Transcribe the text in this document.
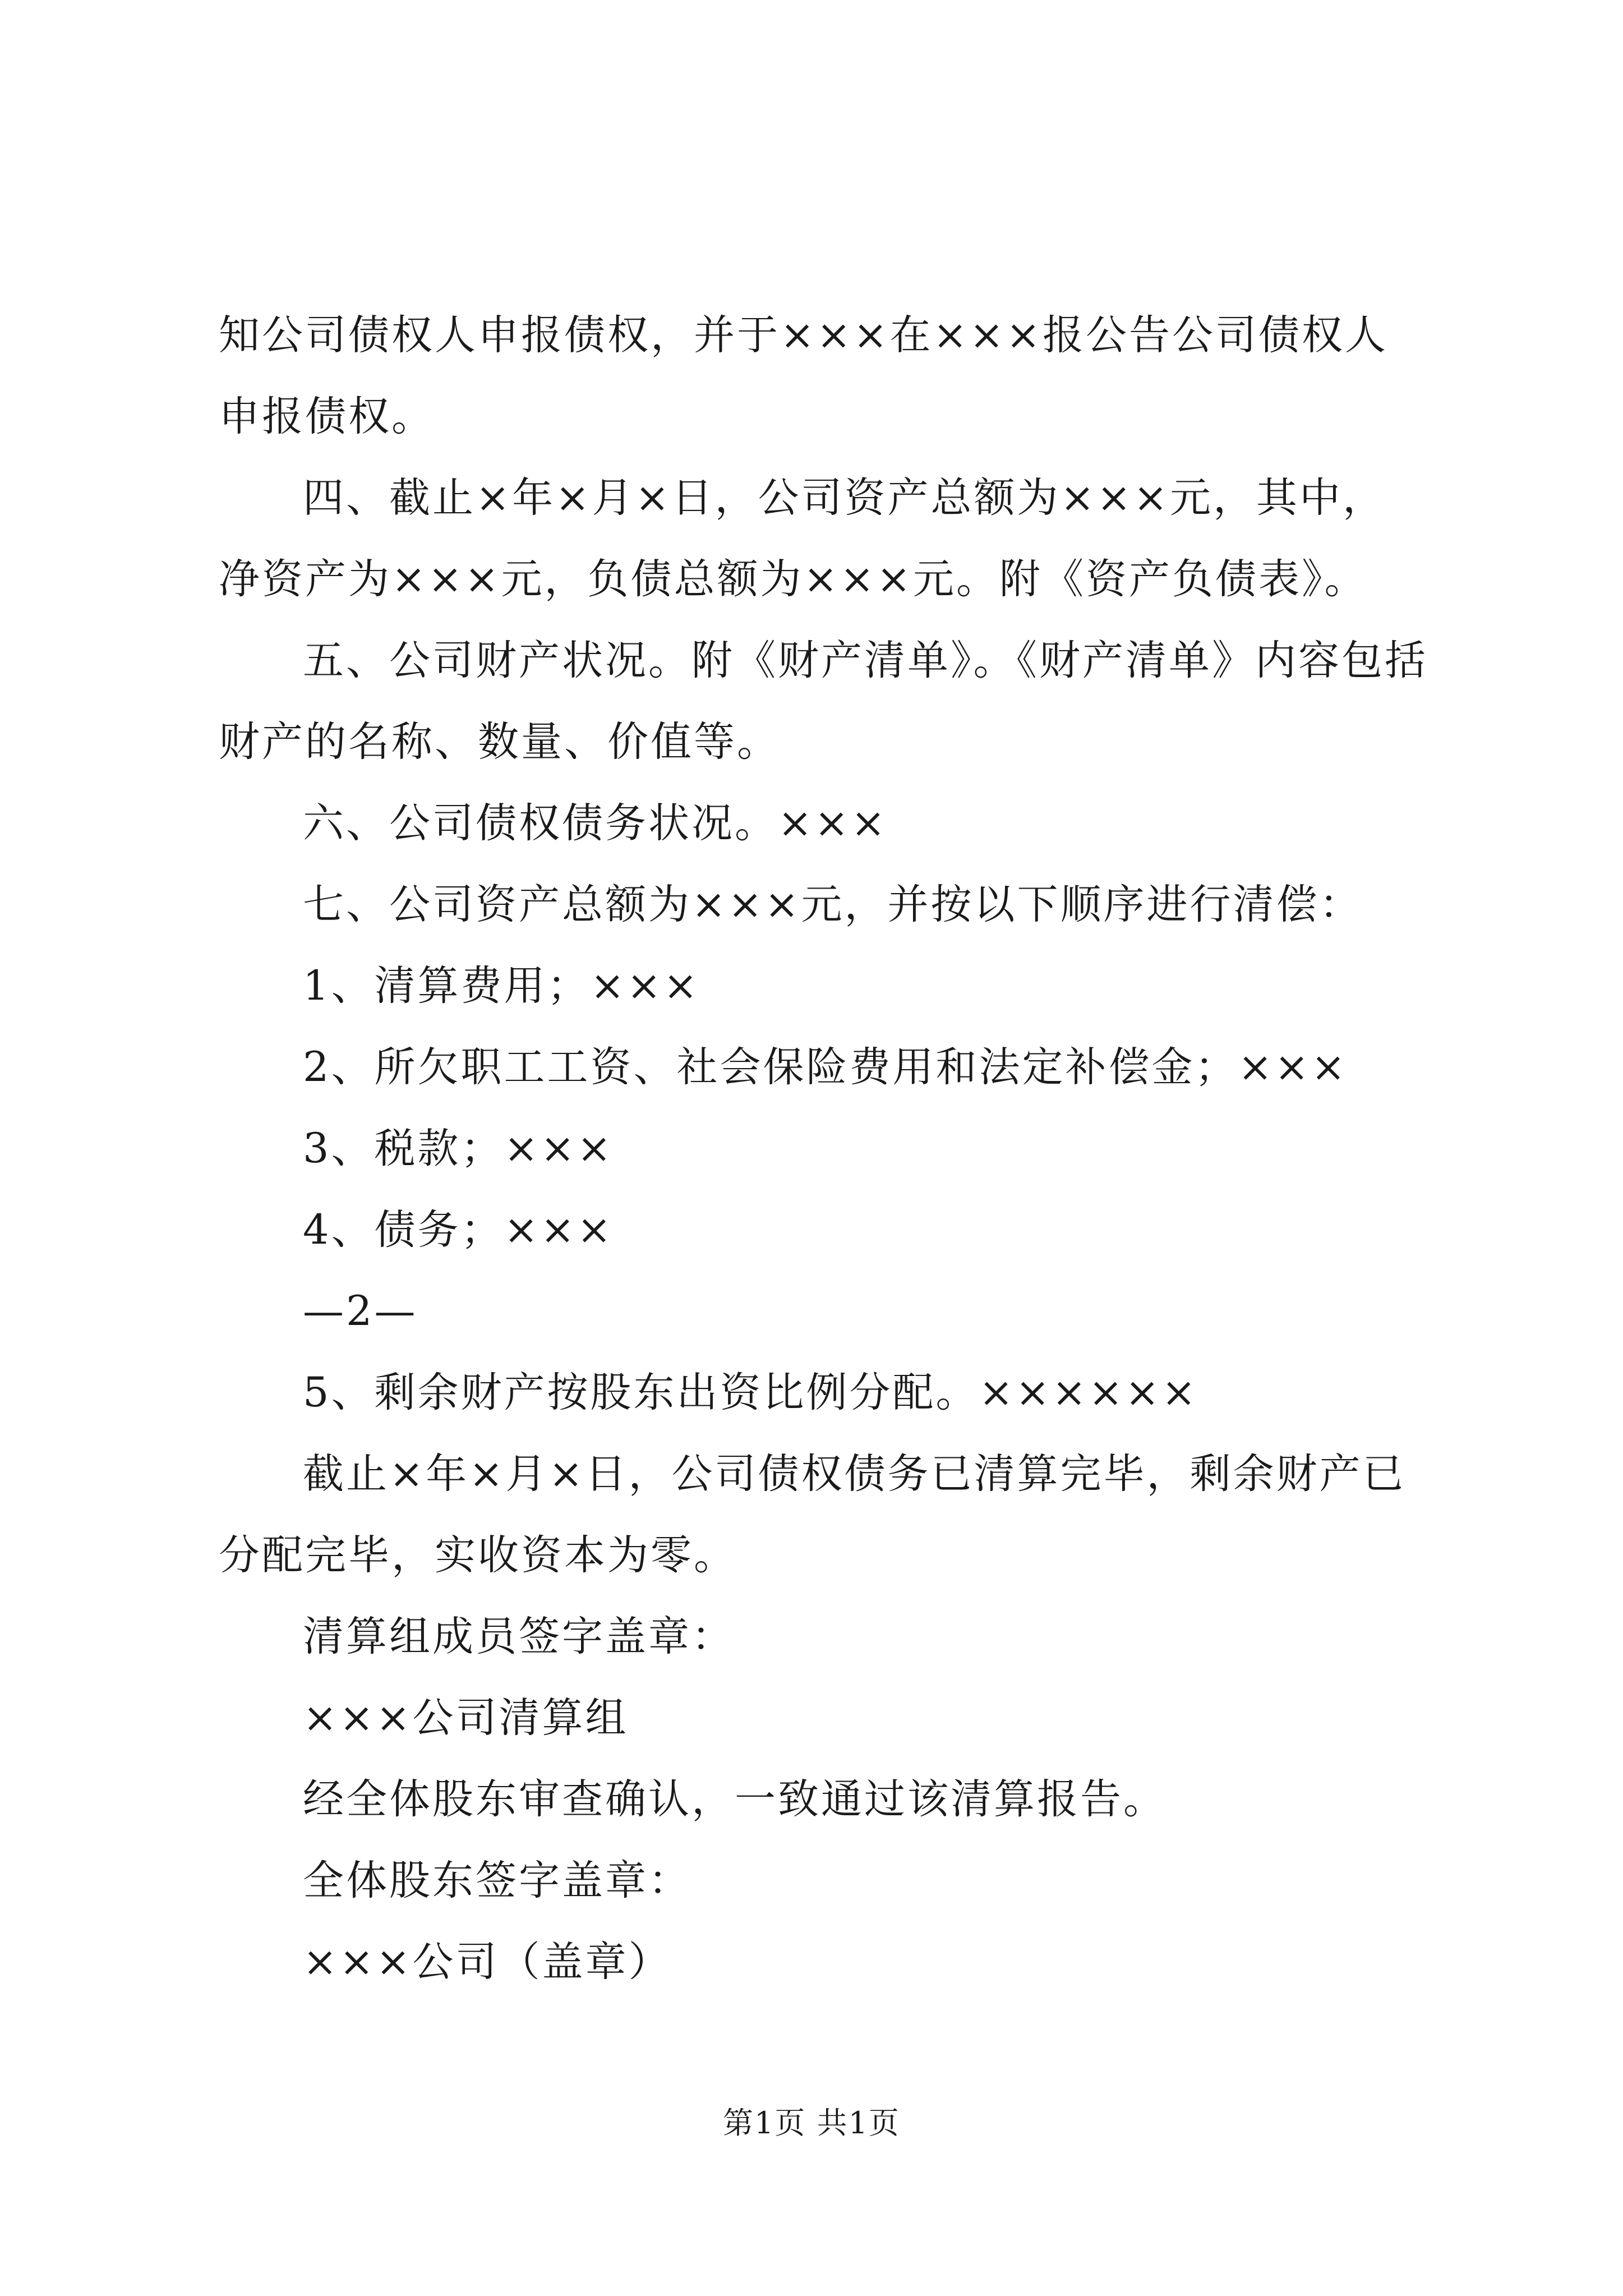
知公司债权人申报债权，并于×××在×××报公告公司债权人
申报债权。
四、截止×年×月×日，公司资产总额为×××元，其中，
净资产为×××元，负债总额为×××元。附《资产负债表》。
五、公司财产状况。附《财产清单》。《财产清单》内容包括
财产的名称、数量、价值等。
六、公司债权债务状况。×××
七、公司资产总额为×××元，并按以下顺序进行清偿：
1、清算费用；×××
2、所欠职工工资、社会保险费用和法定补偿金；×××
3、税款；×××
4、债务；×××
—2—
5、剩余财产按股东出资比例分配。××××××
截止×年×月×日，公司债权债务已清算完毕，剩余财产已
分配完毕，实收资本为零。
清算组成员签字盖章：
×××公司清算组
经全体股东审查确认，一致通过该清算报告。
全体股东签字盖章：
×××公司（盖章）
第1页 共1页
